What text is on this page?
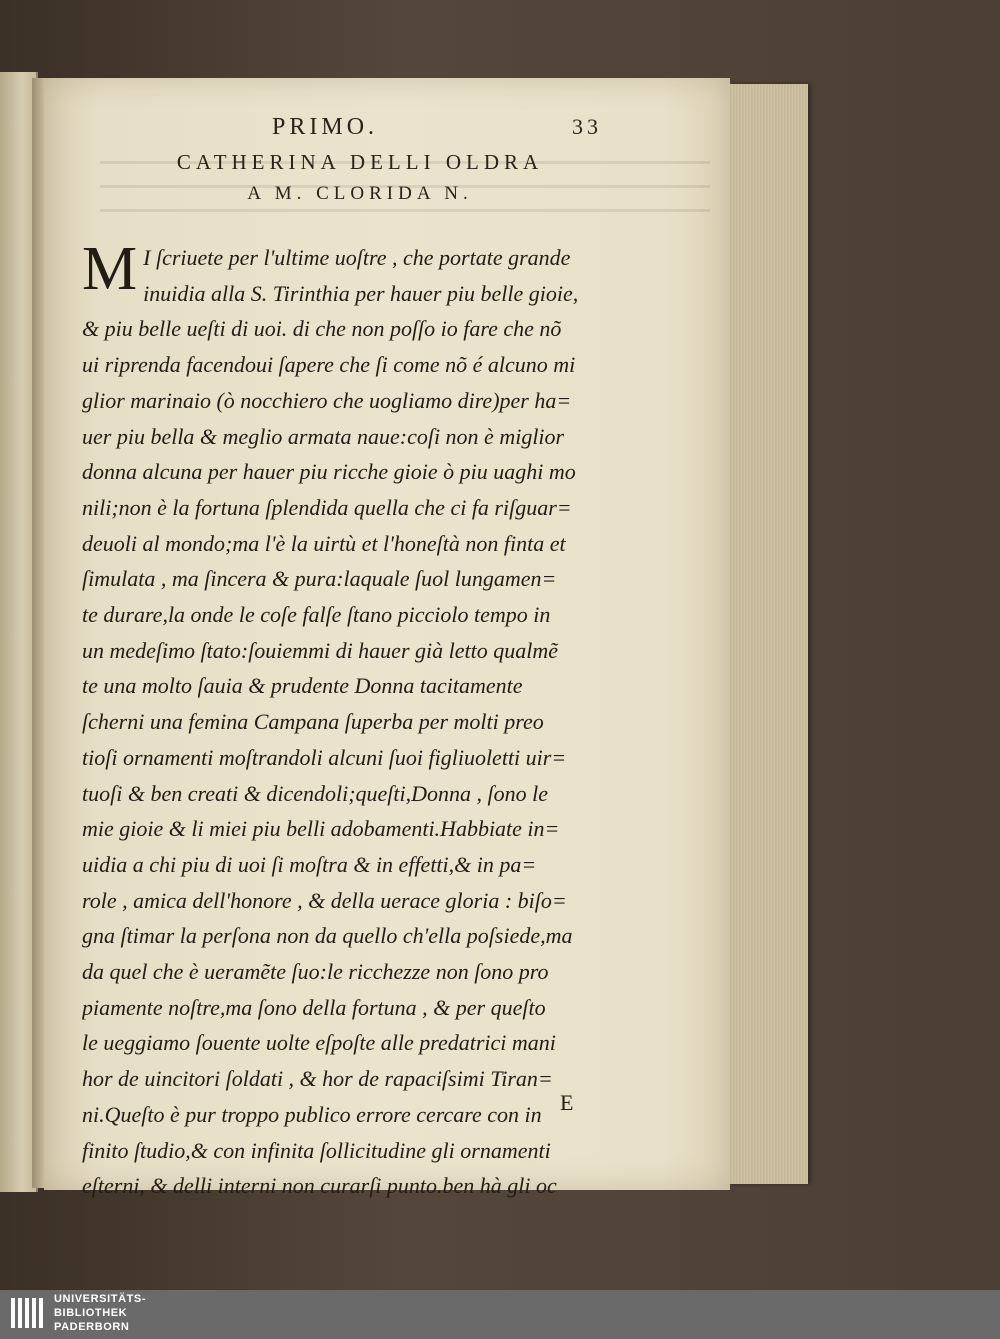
PRIMO.	33
CATHERINA DELLI OLDRA
A M. CLORIDA N.
M I ſcriuete per l'ultime uoſtre , che portate grande
inuidia alla S. Tirinthia per hauer piu belle gioie,
& piu belle ueſti di uoi. di che non poſſo io fare che nõ
ui riprenda facendoui ſapere che ſi come nõ é alcuno mi
glior marinaio (ò nocchiero che uogliamo dire)per ha=
uer piu bella & meglio armata naue:coſi non è miglior
donna alcuna per hauer piu ricche gioie ò piu uaghi mo
nili;non è la fortuna ſplendida quella che ci fa riſguar=
deuoli al mondo;ma l'è la uirtù et l'honeſtà non finta et
ſimulata , ma ſincera & pura:laquale ſuol lungamen=
te durare,la onde le coſe falſe ſtano picciolo tempo in
un medeſimo ſtato:ſouiemmi di hauer già letto qualmẽ
te una molto ſauia & prudente Donna tacitamente
ſcherni una femina Campana ſuperba per molti preo
tioſi ornamenti moſtrandoli alcuni ſuoi figliuoletti uir=
tuoſi & ben creati & dicendoli;queſti,Donna , ſono le
mie gioie & li miei piu belli adobamenti.Habbiate in=
uidia a chi piu di uoi ſi moſtra & in effetti,& in pa=
role , amica dell'honore , & della uerace gloria : biſo=
gna ſtimar la perſona non da quello ch'ella poſsiede,ma
da quel che è ueramẽte ſuo:le ricchezze non ſono pro
piamente noſtre,ma ſono della fortuna , & per queſto
le ueggiamo ſouente uolte eſpoſte alle predatrici mani
hor de uincitori ſoldati , & hor de rapaciſsimi Tiran=
ni.Queſto è pur troppo publico errore cercare con in
finito ſtudio,& con infinita ſollicitudine gli ornamenti
eſterni, & delli interni non curarſi punto.ben hà gli oc
E
UNIVERSITÄTS-
BIBLIOTHEK
PADERBORN
